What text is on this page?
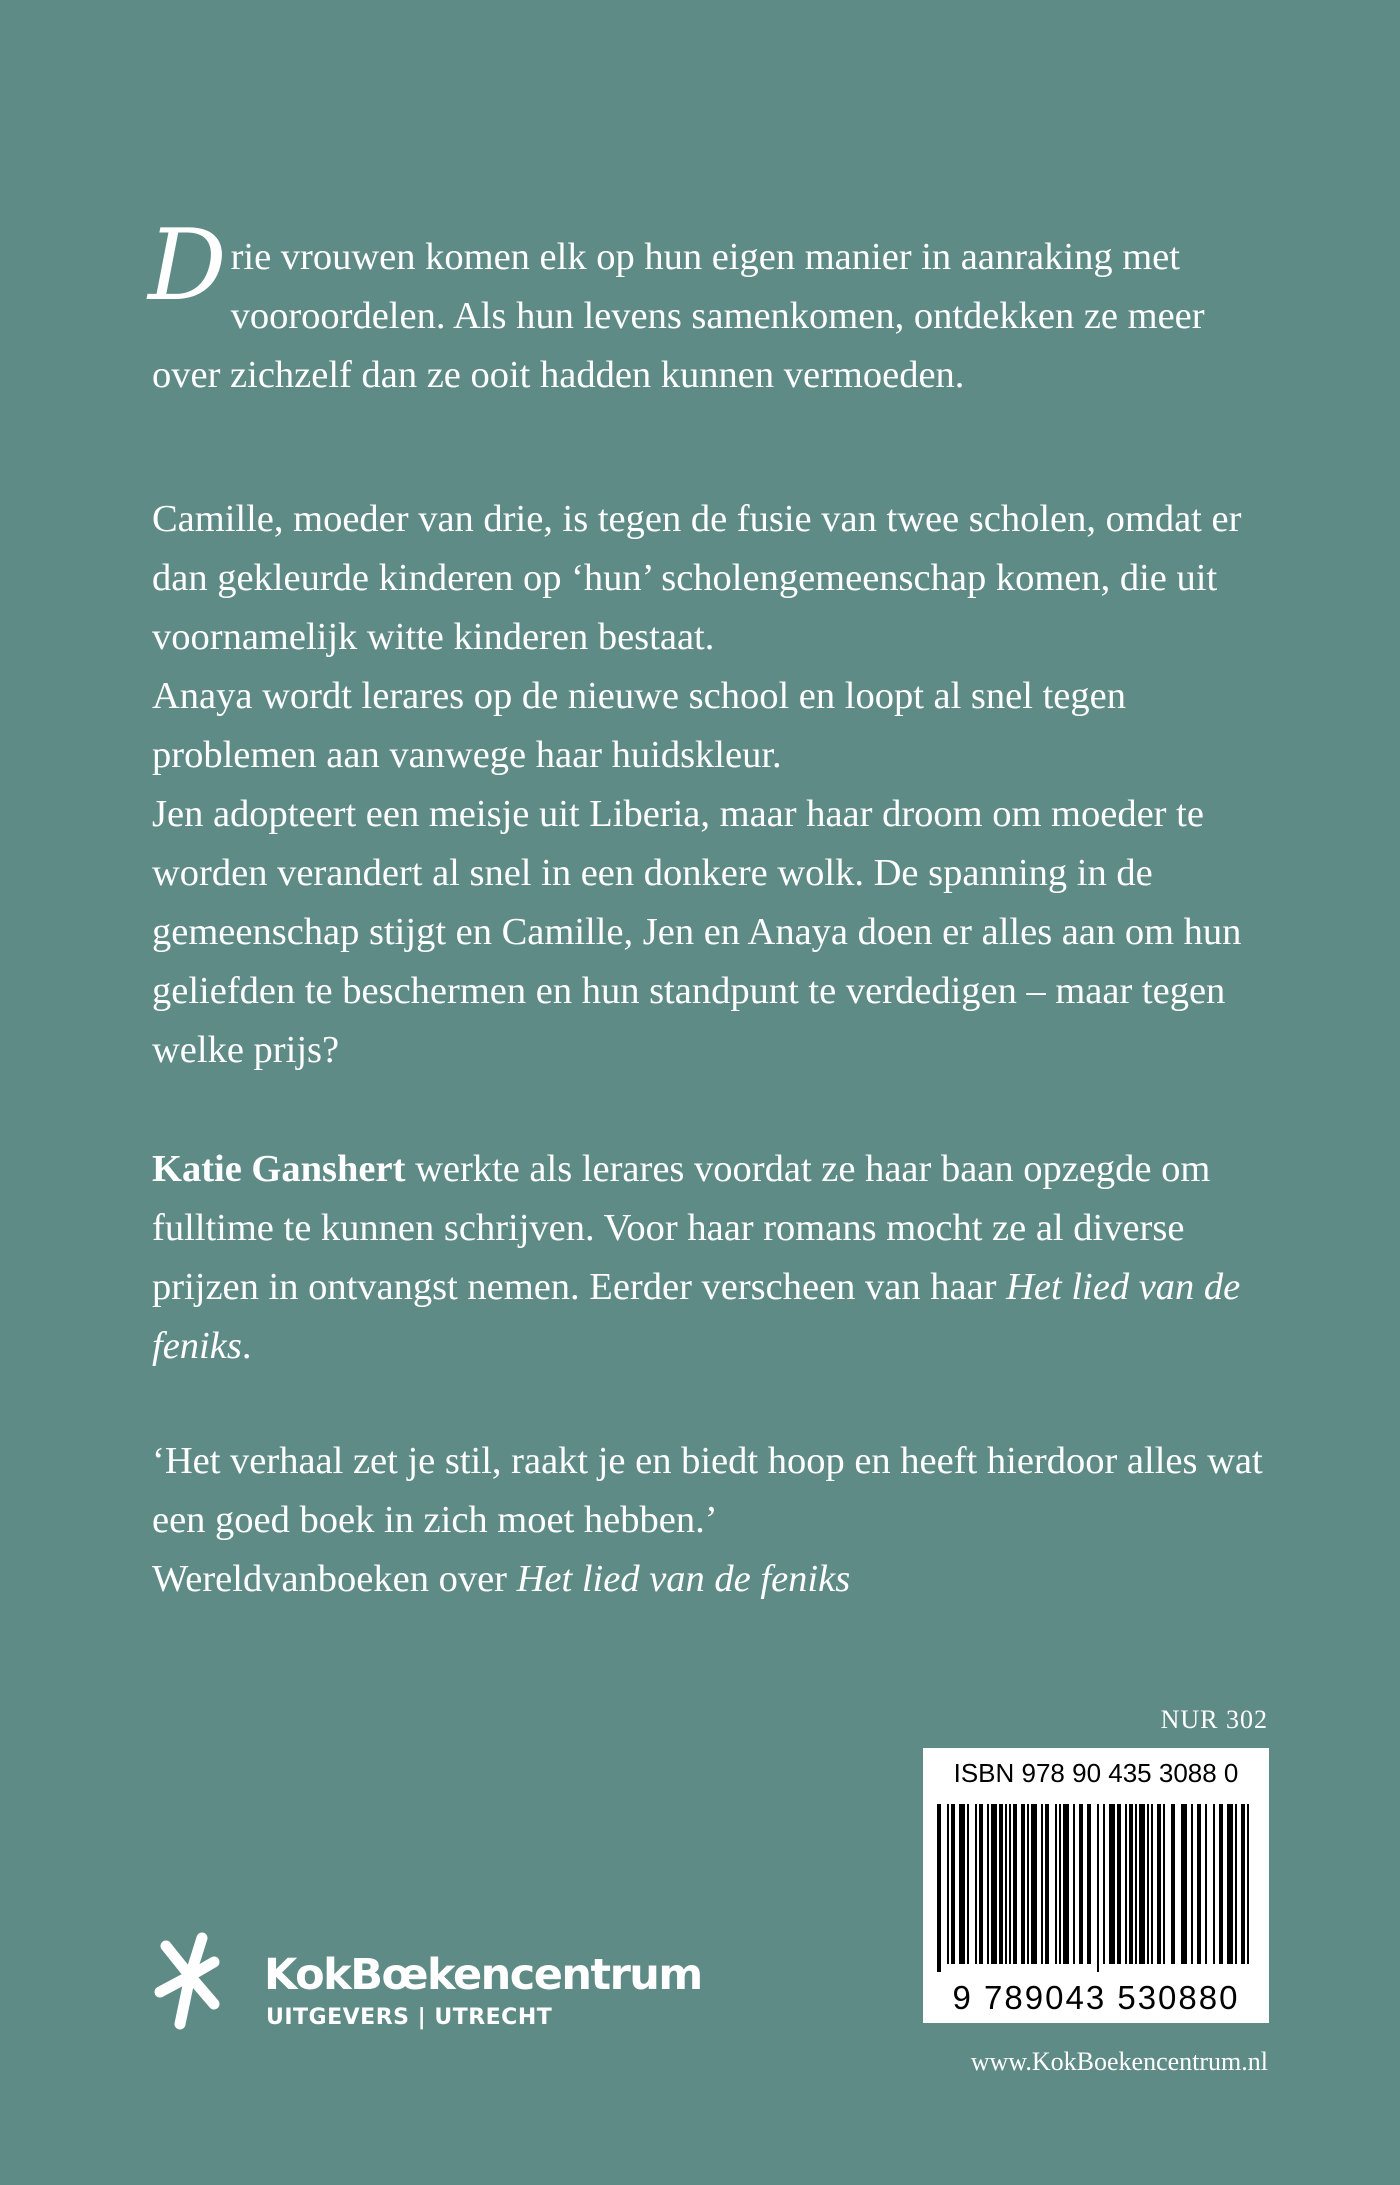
Drie vrouwen komen elk op hun eigen manier in aanraking met vooroordelen. Als hun levens samenkomen, ontdekken ze meer over zichzelf dan ze ooit hadden kunnen vermoeden.

Camille, moeder van drie, is tegen de fusie van twee scholen, omdat er dan gekleurde kinderen op ‘hun’ scholengemeenschap komen, die uit voornamelijk witte kinderen bestaat.

Anaya wordt lerares op de nieuwe school en loopt al snel tegen problemen aan vanwege haar huidskleur.

Jen adopteert een meisje uit Liberia, maar haar droom om moeder te worden verandert al snel in een donkere wolk. De spanning in de gemeenschap stijgt en Camille, Jen en Anaya doen er alles aan om hun geliefden te beschermen en hun standpunt te verdedigen – maar tegen welke prijs?

Katie Ganshert werkte als lerares voordat ze haar baan opzegde om fulltime te kunnen schrijven. Voor haar romans mocht ze al diverse prijzen in ontvangst nemen. Eerder verscheen van haar Het lied van de feniks.

‘Het verhaal zet je stil, raakt je en biedt hoop en heeft hierdoor alles wat een goed boek in zich moet hebben.’

Wereldvanboeken over Het lied van de feniks

NUR 302
ISBN 978 90 435 3088 0
9 789043 530880
KokBœkencentrum
UITGEVERS | UTRECHT
www.KokBoekencentrum.nl
